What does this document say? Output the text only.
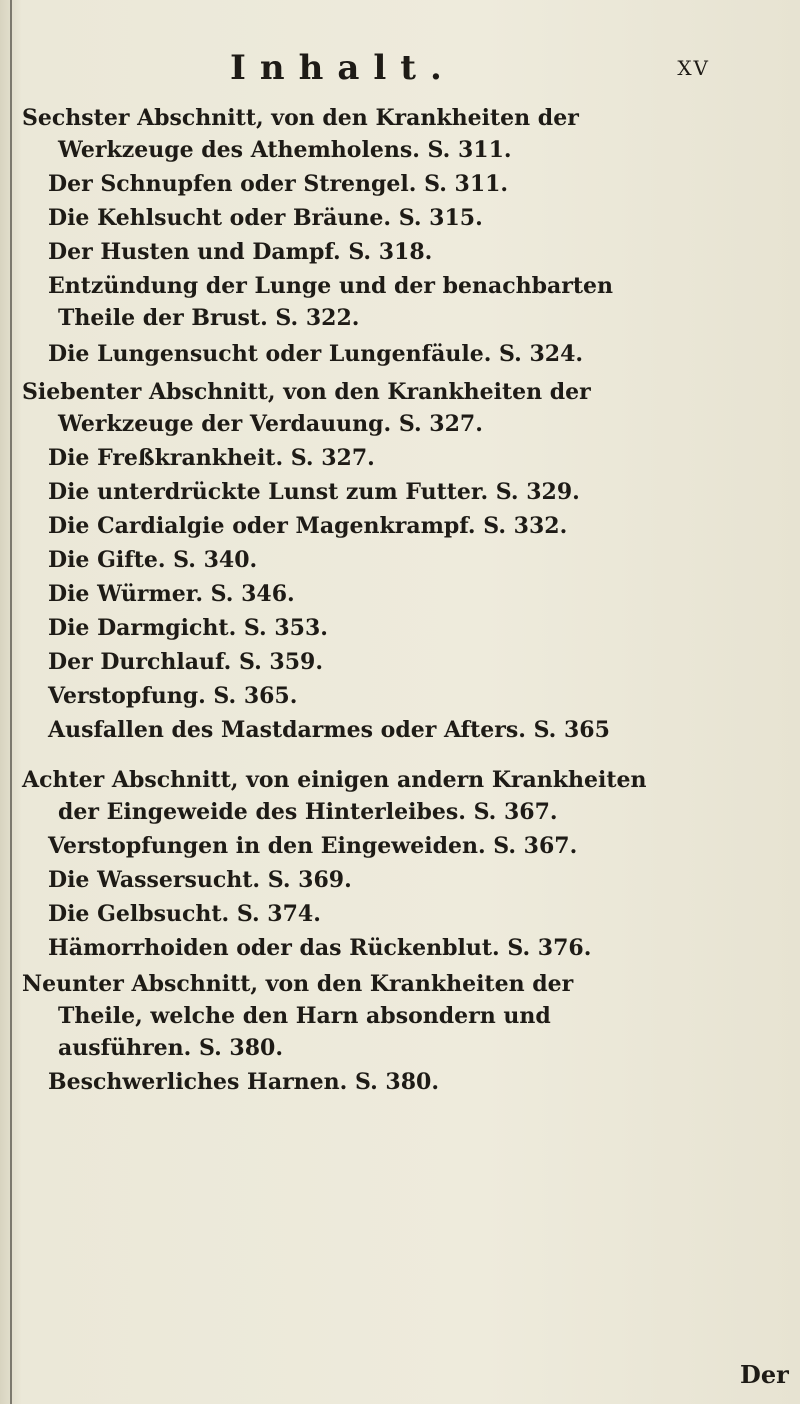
Inhalt.	XV
Sechster Abschnitt, von den Krankheiten der
Werkzeuge des Athemholens. S. 311.
Der Schnupfen oder Strengel. S. 311.
Die Kehlsucht oder Bräune. S. 315.
Der Husten und Dampf. S. 318.
Entzündung der Lunge und der benachbarten
Theile der Brust. S. 322.
Die Lungensucht oder Lungenfäule. S. 324.
Siebenter Abschnitt, von den Krankheiten der
Werkzeuge der Verdauung. S. 327.
Die Freßkrankheit. S. 327.
Die unterdrückte Lunst zum Futter. S. 329.
Die Cardialgie oder Magenkrampf. S. 332.
Die Gifte. S. 340.
Die Würmer. S. 346.
Die Darmgicht. S. 353.
Der Durchlauf. S. 359.
Verstopfung. S. 365.
Ausfallen des Mastdarmes oder Afters. S. 365
Achter Abschnitt, von einigen andern Krankheiten
der Eingeweide des Hinterleibes. S. 367.
Verstopfungen in den Eingeweiden. S. 367.
Die Wassersucht. S. 369.
Die Gelbsucht. S. 374.
Hämorrhoiden oder das Rückenblut. S. 376.
Neunter Abschnitt, von den Krankheiten der
Theile, welche den Harn absondern und
ausführen. S. 380.
Beschwerliches Harnen. S. 380.
Der
